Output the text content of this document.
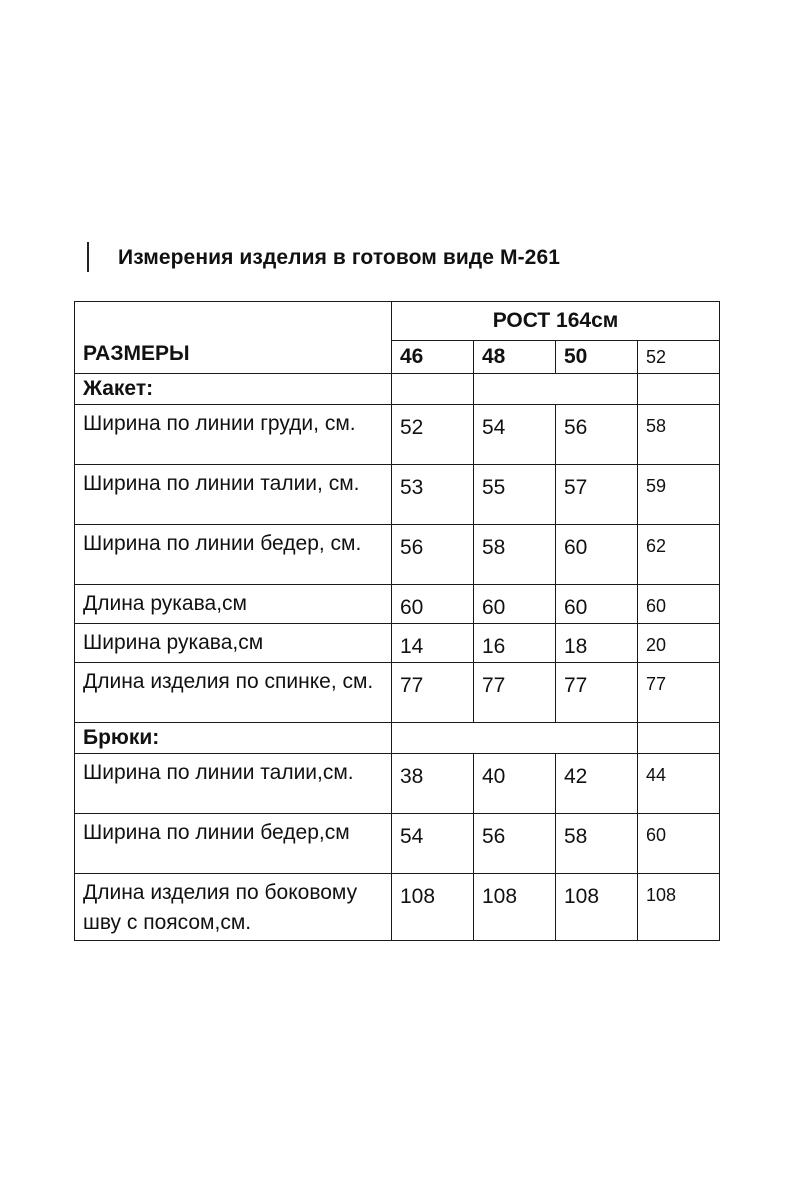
Измерения изделия в готовом виде М-261
РАЗМЕРЫ	РОСТ 164см			
	46	48	50	52
Жакет:				
Ширина по линии груди, см.	52	54	56	58
Ширина по линии талии, см.	53	55	57	59
Ширина по линии бедер, см.	56	58	60	62
Длина рукава,см	60	60	60	60
Ширина рукава,см	14	16	18	20
Длина изделия по спинке, см.	77	77	77	77
Брюки:				
Ширина по линии талии,см.	38	40	42	44
Ширина по линии бедер,см	54	56	58	60
Длина изделия по боковому шву с поясом,см.	108	108	108	108
